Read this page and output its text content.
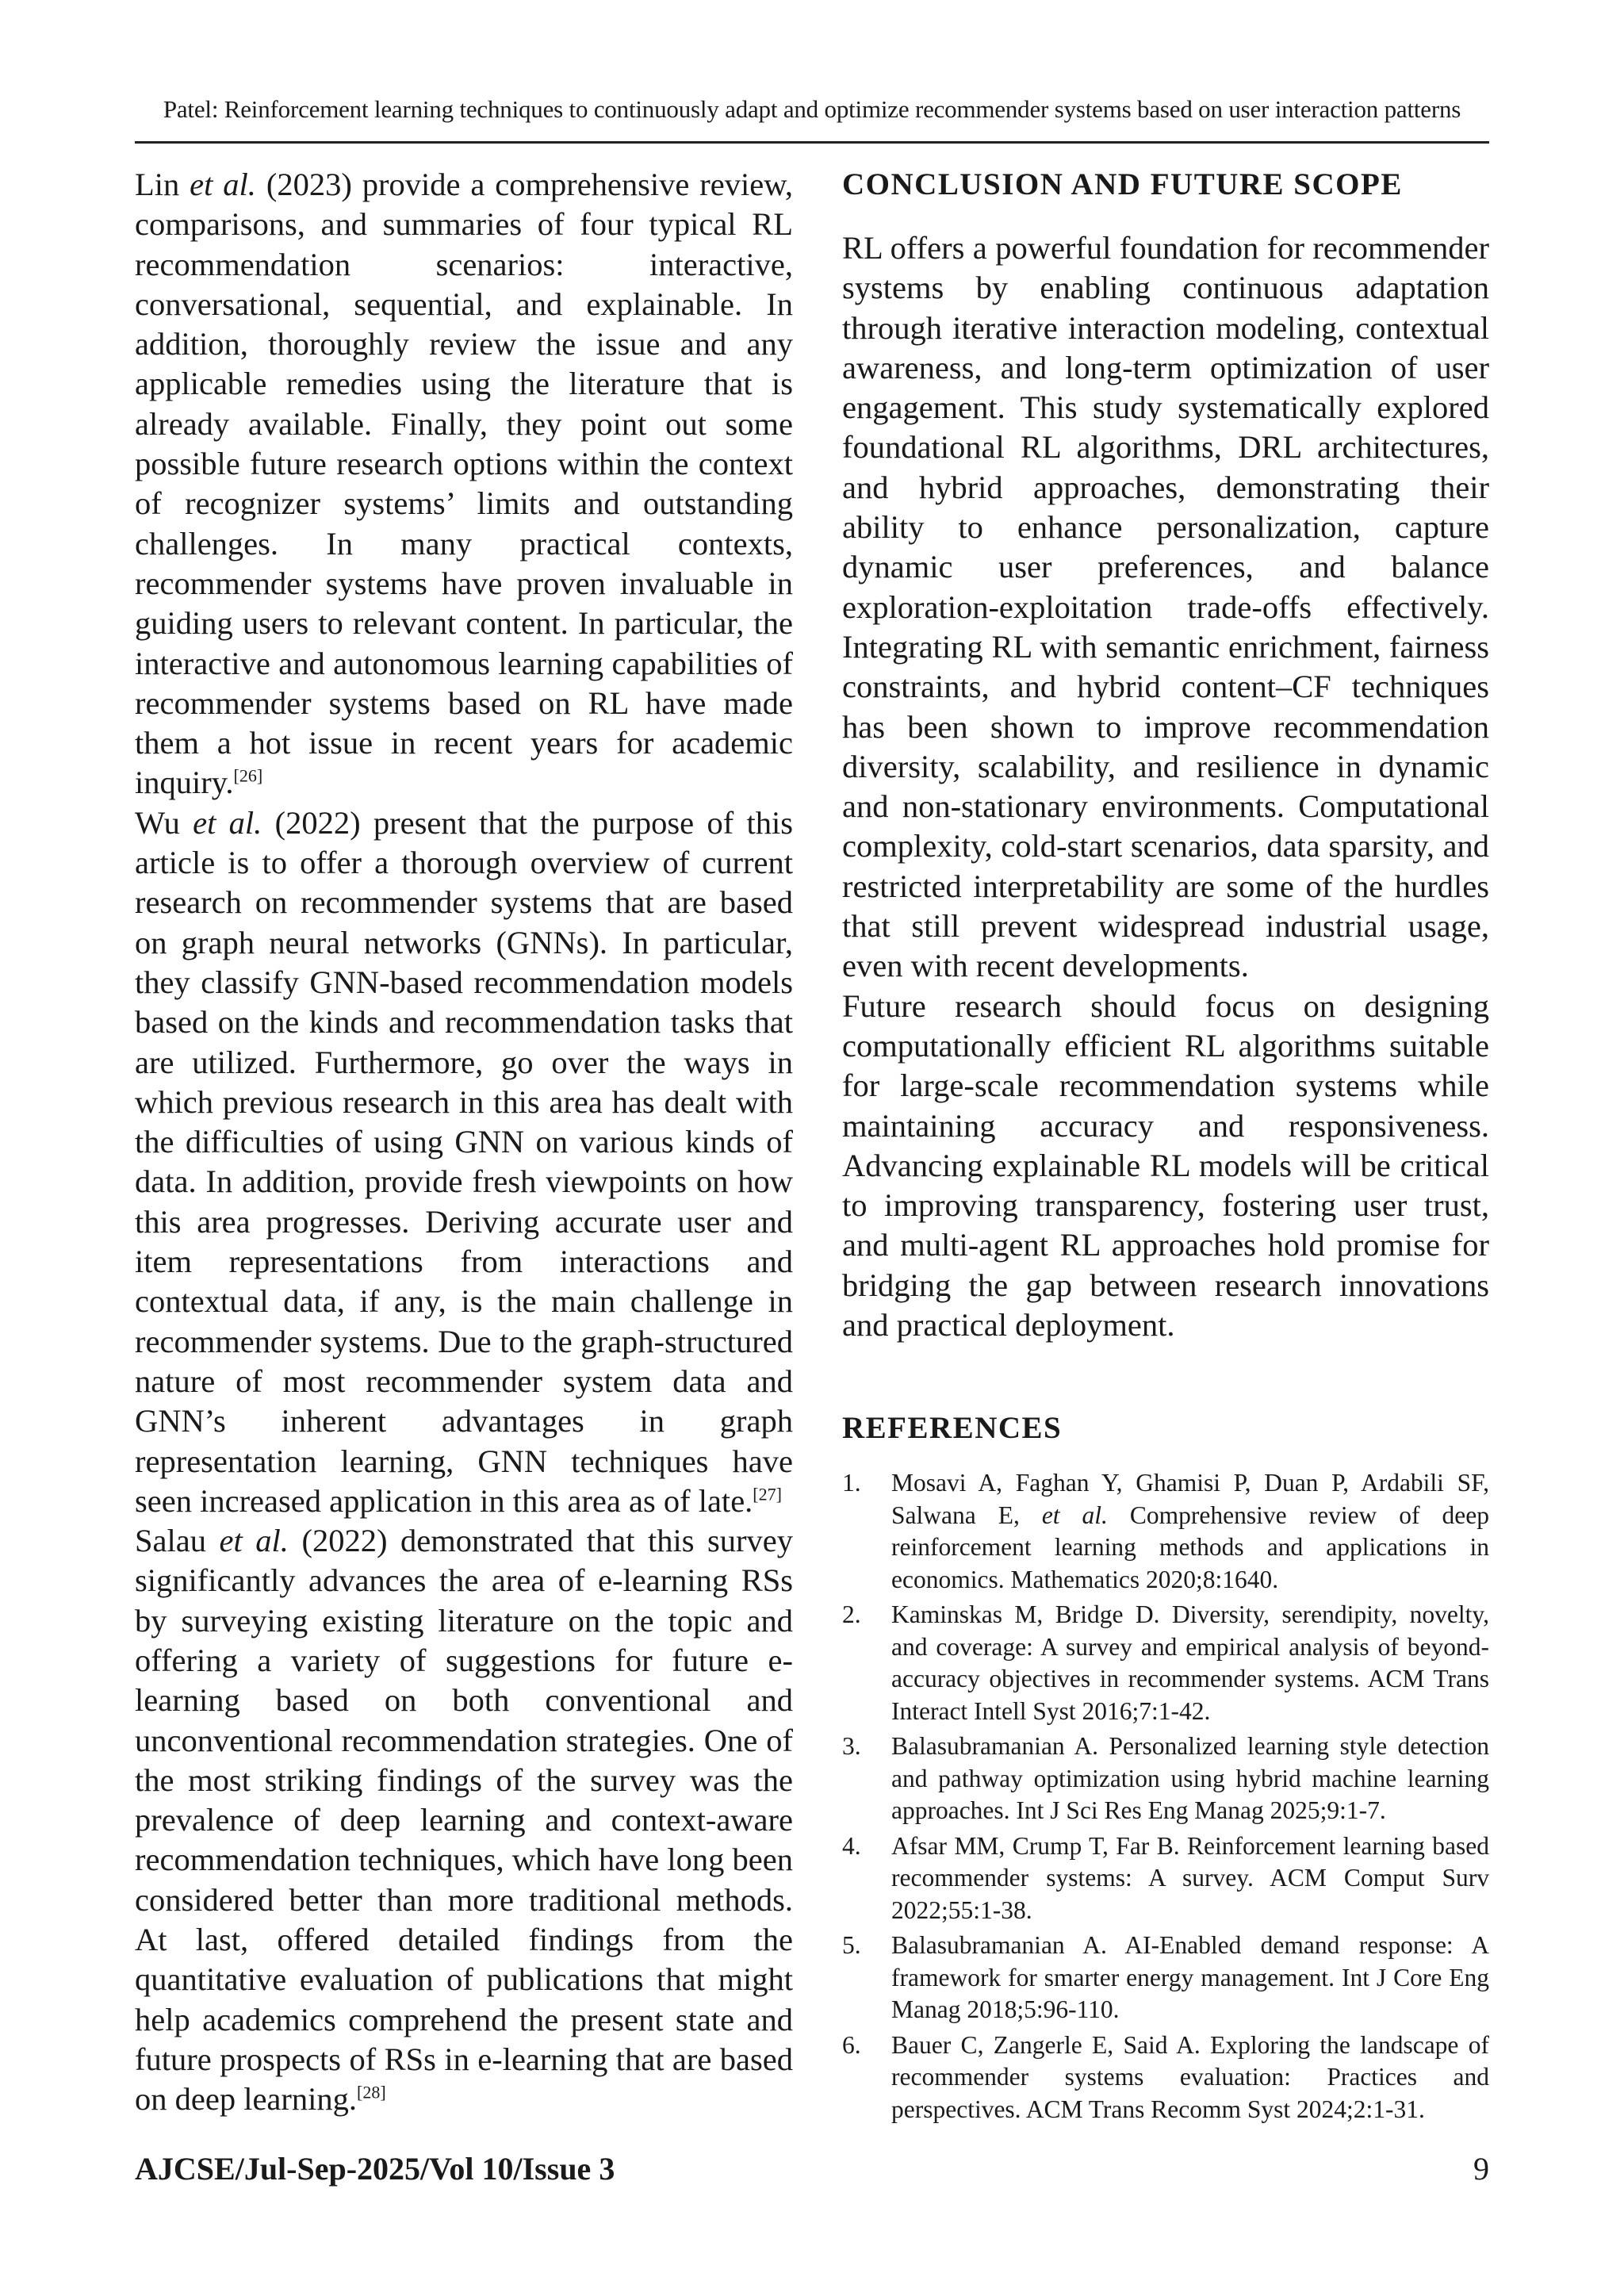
Patel: Reinforcement learning techniques to continuously adapt and optimize recommender systems based on user interaction patterns

Lin et al. (2023) provide a comprehensive review, comparisons, and summaries of four typical RL recommendation scenarios: interactive, conversational, sequential, and explainable. In addition, thoroughly review the issue and any applicable remedies using the literature that is already available. Finally, they point out some possible future research options within the context of recognizer systems’ limits and outstanding challenges. In many practical contexts, recommender systems have proven invaluable in guiding users to relevant content. In particular, the interactive and autonomous learning capabilities of recommender systems based on RL have made them a hot issue in recent years for academic inquiry.[26]

Wu et al. (2022) present that the purpose of this article is to offer a thorough overview of current research on recommender systems that are based on graph neural networks (GNNs). In particular, they classify GNN-based recommendation models based on the kinds and recommendation tasks that are utilized. Furthermore, go over the ways in which previous research in this area has dealt with the difficulties of using GNN on various kinds of data. In addition, provide fresh viewpoints on how this area progresses. Deriving accurate user and item representations from interactions and contextual data, if any, is the main challenge in recommender systems. Due to the graph-structured nature of most recommender system data and GNN’s inherent advantages in graph representation learning, GNN techniques have seen increased application in this area as of late.[27]

Salau et al. (2022) demonstrated that this survey significantly advances the area of e-learning RSs by surveying existing literature on the topic and offering a variety of suggestions for future e-learning based on both conventional and unconventional recommendation strategies. One of the most striking findings of the survey was the prevalence of deep learning and context-aware recommendation techniques, which have long been considered better than more traditional methods. At last, offered detailed findings from the quantitative evaluation of publications that might help academics comprehend the present state and future prospects of RSs in e-learning that are based on deep learning.[28]

CONCLUSION AND FUTURE SCOPE

RL offers a powerful foundation for recommender systems by enabling continuous adaptation through iterative interaction modeling, contextual awareness, and long-term optimization of user engagement. This study systematically explored foundational RL algorithms, DRL architectures, and hybrid approaches, demonstrating their ability to enhance personalization, capture dynamic user preferences, and balance exploration-exploitation trade-offs effectively. Integrating RL with semantic enrichment, fairness constraints, and hybrid content–CF techniques has been shown to improve recommendation diversity, scalability, and resilience in dynamic and non-stationary environments. Computational complexity, cold-start scenarios, data sparsity, and restricted interpretability are some of the hurdles that still prevent widespread industrial usage, even with recent developments.

Future research should focus on designing computationally efficient RL algorithms suitable for large-scale recommendation systems while maintaining accuracy and responsiveness. Advancing explainable RL models will be critical to improving transparency, fostering user trust, and multi-agent RL approaches hold promise for bridging the gap between research innovations and practical deployment.

REFERENCES
1. Mosavi A, Faghan Y, Ghamisi P, Duan P, Ardabili SF, Salwana E, et al. Comprehensive review of deep reinforcement learning methods and applications in economics. Mathematics 2020;8:1640.
2. Kaminskas M, Bridge D. Diversity, serendipity, novelty, and coverage: A survey and empirical analysis of beyond-accuracy objectives in recommender systems. ACM Trans Interact Intell Syst 2016;7:1-42.
3. Balasubramanian A. Personalized learning style detection and pathway optimization using hybrid machine learning approaches. Int J Sci Res Eng Manag 2025;9:1-7.
4. Afsar MM, Crump T, Far B. Reinforcement learning based recommender systems: A survey. ACM Comput Surv 2022;55:1-38.
5. Balasubramanian A. AI-Enabled demand response: A framework for smarter energy management. Int J Core Eng Manag 2018;5:96-110.
6. Bauer C, Zangerle E, Said A. Exploring the landscape of recommender systems evaluation: Practices and perspectives. ACM Trans Recomm Syst 2024;2:1-31.
AJCSE/Jul-Sep-2025/Vol 10/Issue 3	9
